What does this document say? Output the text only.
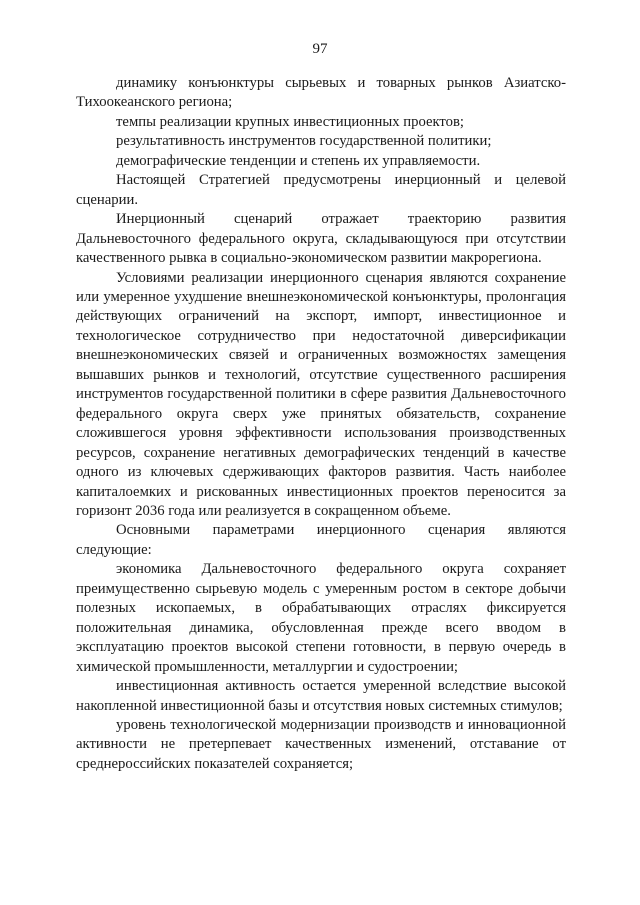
97

динамику конъюнктуры сырьевых и товарных рынков Азиатско-Тихоокеанского региона;

темпы реализации крупных инвестиционных проектов;

результативность инструментов государственной политики;

демографические тенденции и степень их управляемости.

Настоящей Стратегией предусмотрены инерционный и целевой сценарии.

Инерционный сценарий отражает траекторию развития Дальневосточного федерального округа, складывающуюся при отсутствии качественного рывка в социально-экономическом развитии макрорегиона.

Условиями реализации инерционного сценария являются сохранение или умеренное ухудшение внешнеэкономической конъюнктуры, пролонгация действующих ограничений на экспорт, импорт, инвестиционное и технологическое сотрудничество при недостаточной диверсификации внешнеэкономических связей и ограниченных возможностях замещения вышавших рынков и технологий, отсутствие существенного расширения инструментов государственной политики в сфере развития Дальневосточного федерального округа сверх уже принятых обязательств, сохранение сложившегося уровня эффективности использования производственных ресурсов, сохранение негативных демографических тенденций в качестве одного из ключевых сдерживающих факторов развития. Часть наиболее капиталоемких и рискованных инвестиционных проектов переносится за горизонт 2036 года или реализуется в сокращенном объеме.

Основными параметрами инерционного сценария являются следующие:

экономика Дальневосточного федерального округа сохраняет преимущественно сырьевую модель с умеренным ростом в секторе добычи полезных ископаемых, в обрабатывающих отраслях фиксируется положительная динамика, обусловленная прежде всего вводом в эксплуатацию проектов высокой степени готовности, в первую очередь в химической промышленности, металлургии и судостроении;

инвестиционная активность остается умеренной вследствие высокой накопленной инвестиционной базы и отсутствия новых системных стимулов;

уровень технологической модернизации производств и инновационной активности не претерпевает качественных изменений, отставание от среднероссийских показателей сохраняется;
